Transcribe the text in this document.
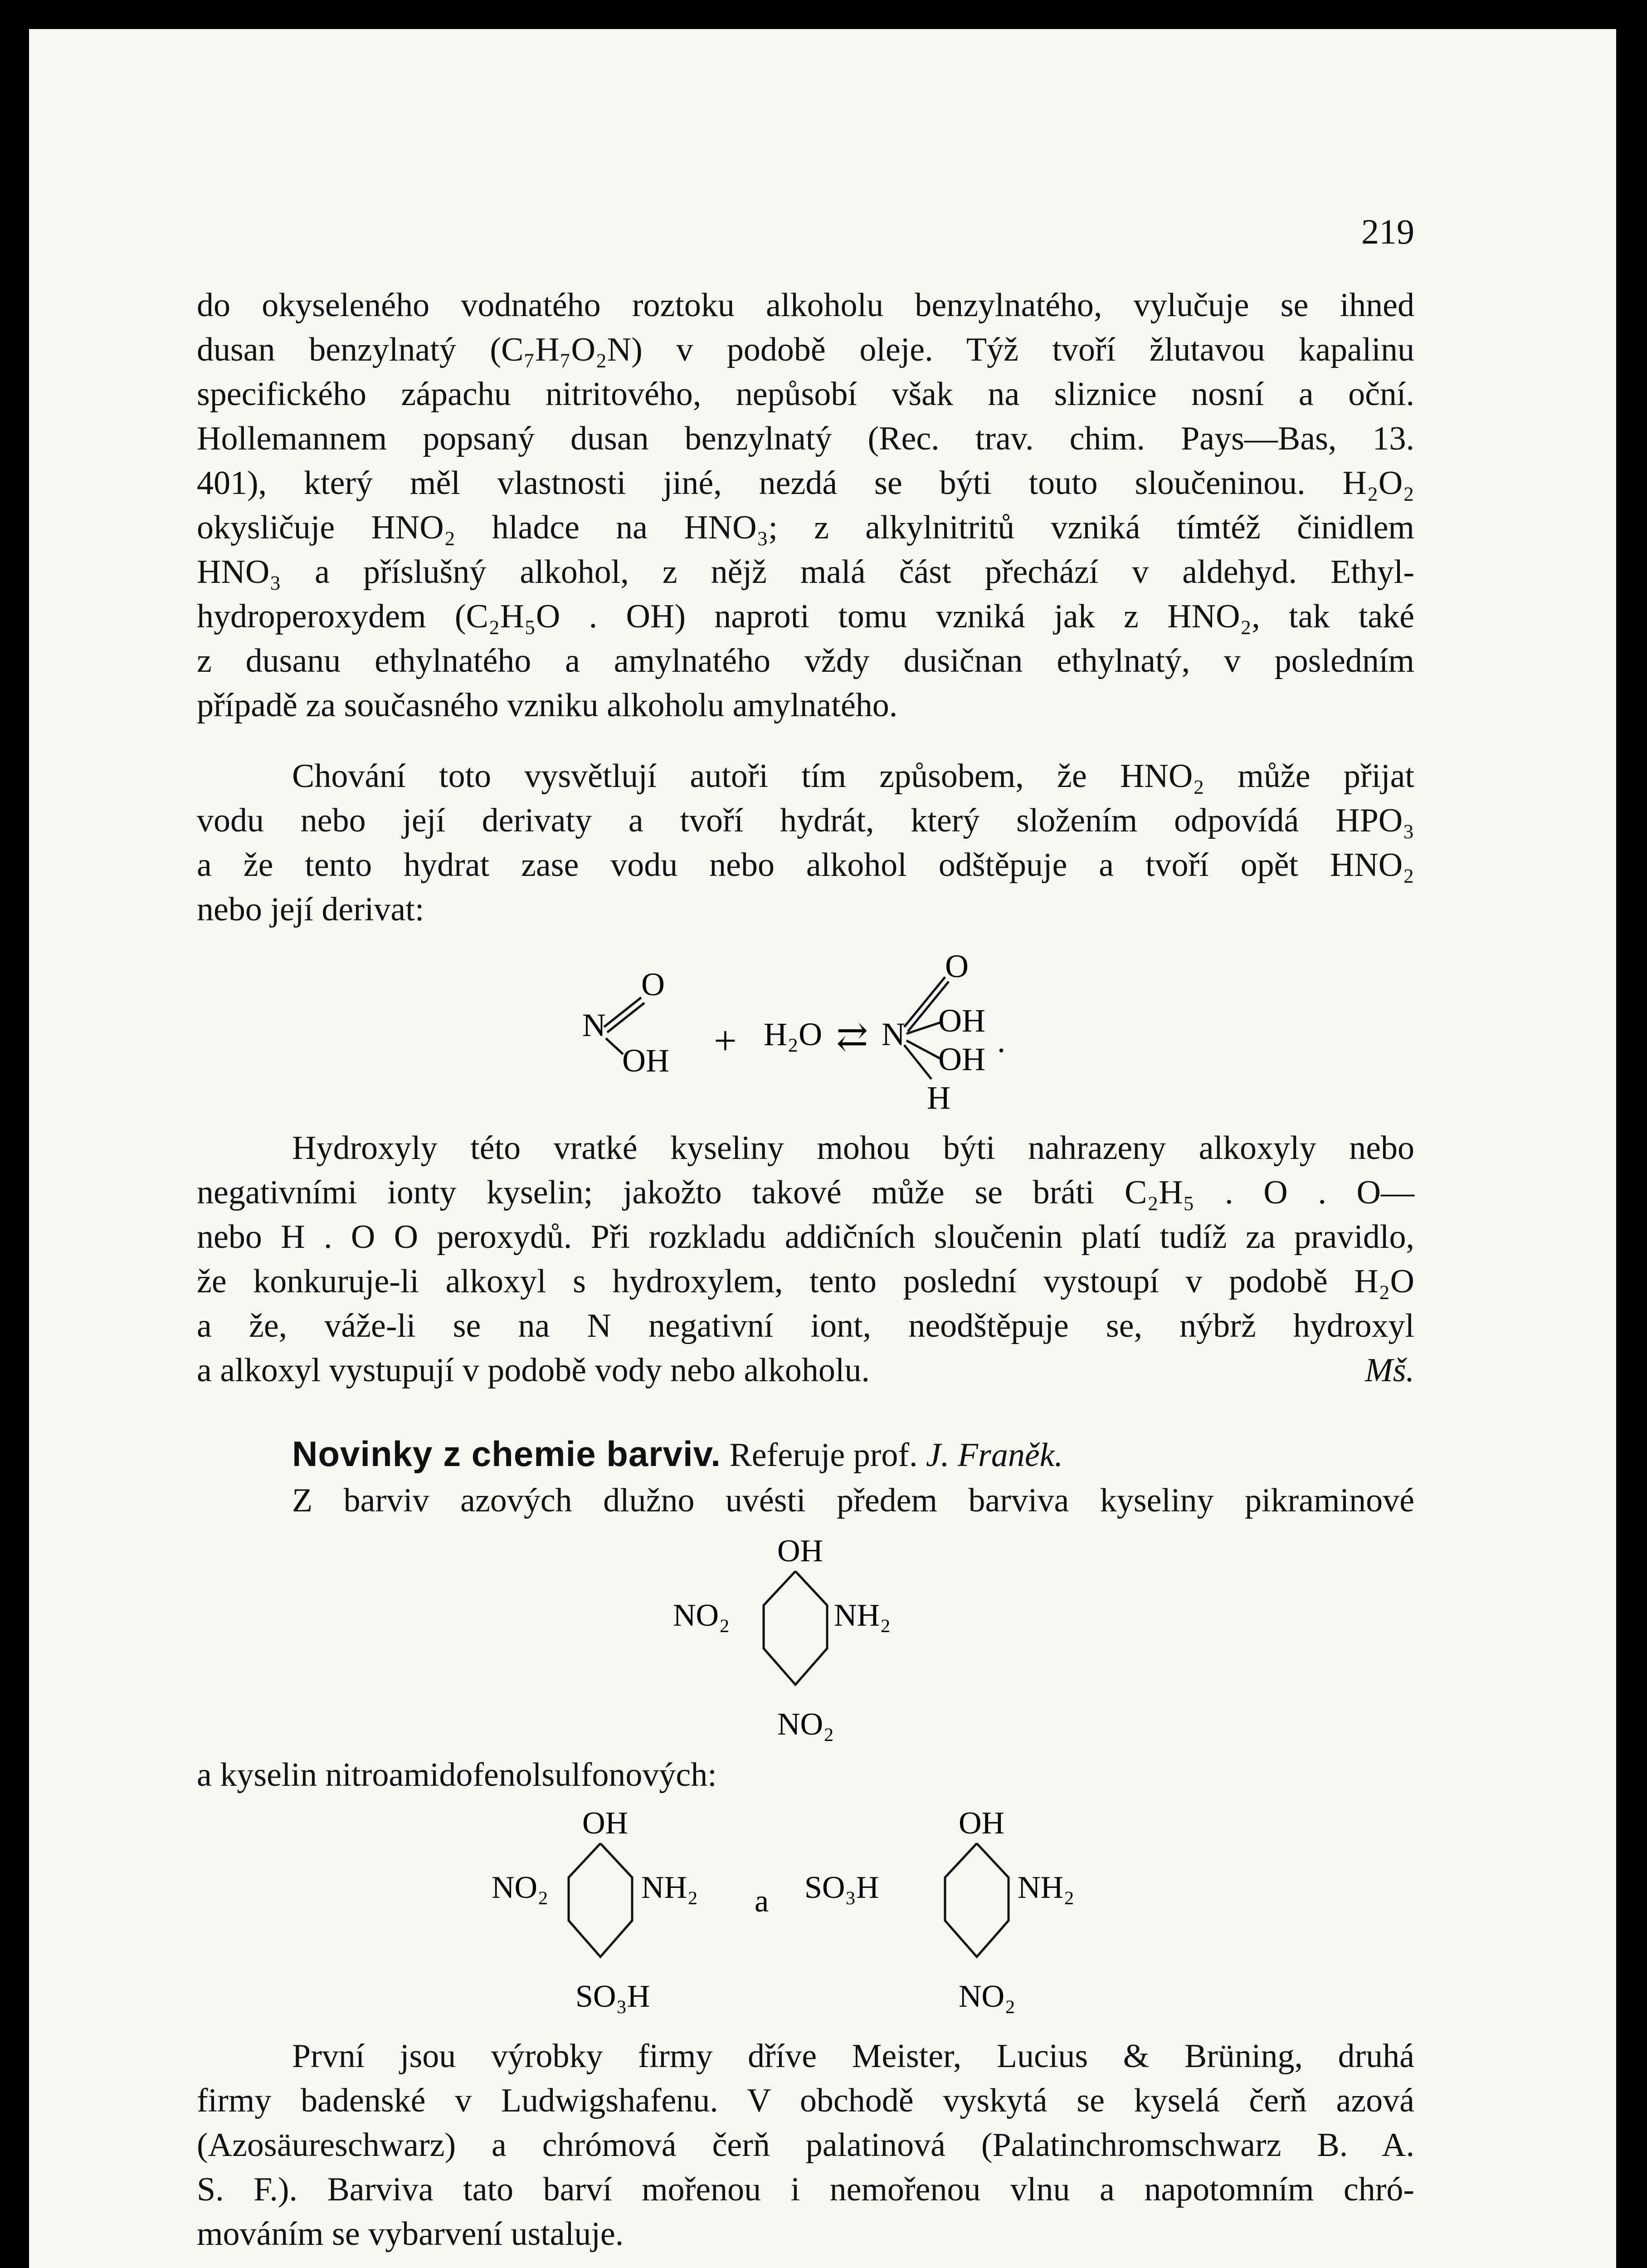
219
do okyseleného vodnatého roztoku alkoholu benzylnatého, vylučuje se ihned
dusan benzylnatý (C₇H₇O₂N) v podobě oleje. Týž tvoří žlutavou kapalinu
specifického zápachu nitritového, nepůsobí však na sliznice nosní a oční.
Hollemannem popsaný dusan benzylnatý (Rec. trav. chim. Pays—Bas, 13.
401), který měl vlastnosti jiné, nezdá se býti touto sloučeninou. H₂O₂
okysličuje HNO₂ hladce na HNO₃; z alkylnitritů vzniká tímtéž činidlem
HNO₃ a příslušný alkohol, z nějž malá část přechází v aldehyd. Ethyl-
hydroperoxydem (C₂H₅O . OH) naproti tomu vzniká jak z HNO₂, tak také
z dusanu ethylnatého a amylnatého vždy dusičnan ethylnatý, v posledním
případě za současného vzniku alkoholu amylnatého.
Chování toto vysvětlují autoři tím způsobem, že HNO₂ může přijat
vodu nebo její derivaty a tvoří hydrát, který složením odpovídá HPO₃
a že tento hydrat zase vodu nebo alkohol odštěpuje a tvoří opět HNO₂
nebo její derivat:
N
O
OH + H₂O ⇄ N
O
OH
OH .
H
Hydroxyly této vratké kyseliny mohou býti nahrazeny alkoxyly nebo
negativními ionty kyselin; jakožto takové může se bráti C₂H₅ . O . O—
nebo H . O O peroxydů. Při rozkladu addičních sloučenin platí tudíž za pravidlo,
že konkuruje-li alkoxyl s hydroxylem, tento poslední vystoupí v podobě H₂O
a že, váže-li se na N negativní iont, neodštěpuje se, nýbrž hydroxyl
a alkoxyl vystupují v podobě vody nebo alkoholu.	Mš.
Novinky z chemie barviv. Referuje prof. J. Franěk.
Z barviv azových dlužno uvésti předem barviva kyseliny pikraminové
OH
NO₂	NH₂
NO₂
a kyselin nitroamidofenolsulfonových:
OH
NO₂	NH₂
SO₃H
a
OH
SO₃H	NH₂
NO₂
První jsou výrobky firmy dříve Meister, Lucius & Brüning, druhá
firmy badenské v Ludwigshafenu. V obchodě vyskytá se kyselá čerň azová
(Azosäureschwarz) a chrómová čerň palatinová (Palatinchromschwarz B. A.
S. F.). Barviva tato barví mořenou i nemořenou vlnu a napotomním chró-
mováním se vybarvení ustaluje.
